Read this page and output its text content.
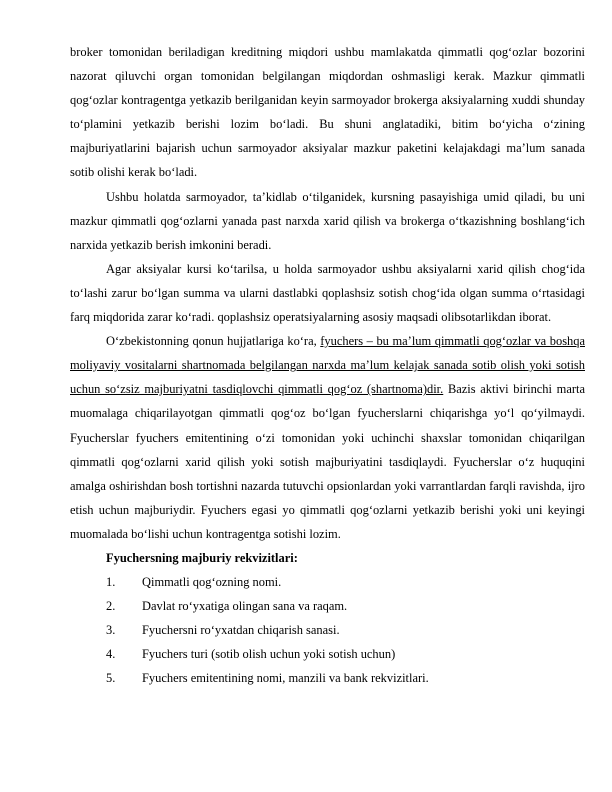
broker tomonidan beriladigan kreditning miqdori ushbu mamlakatda qimmatli qog‘ozlar bozorini nazorat qiluvchi organ tomonidan belgilangan miqdordan oshmasligi kerak. Mazkur qimmatli qog‘ozlar kontragentga yetkazib berilganidan keyin sarmoyador brokerga aksiyalarning xuddi shunday to‘plamini yetkazib berishi lozim bo‘ladi. Bu shuni anglatadiki, bitim bo‘yicha o‘zining majburiyatlarini bajarish uchun sarmoyador aksiyalar mazkur paketini kelajakdagi ma’lum sanada sotib olishi kerak bo‘ladi.

Ushbu holatda sarmoyador, ta’kidlab o‘tilganidek, kursning pasayishiga umid qiladi, bu uni mazkur qimmatli qog‘ozlarni yanada past narxda xarid qilish va brokerga o‘tkazishning boshlang‘ich narxida yetkazib berish imkonini beradi.

Agar aksiyalar kursi ko‘tarilsa, u holda sarmoyador ushbu aksiyalarni xarid qilish chog‘ida to‘lashi zarur bo‘lgan summa va ularni dastlabki qoplashsiz sotish chog‘ida olgan summa o‘rtasidagi farq miqdorida zarar ko‘radi. qoplashsiz operatsiyalarning asosiy maqsadi olibsotarlikdan iborat.

O‘zbekistonning qonun hujjatlariga ko‘ra, fyuchers – bu ma’lum qimmatli qog‘ozlar va boshqa moliyaviy vositalarni shartnomada belgilangan narxda ma’lum kelajak sanada sotib olish yoki sotish uchun so‘zsiz majburiyatni tasdiqlovchi qimmatli qog‘oz (shartnoma)dir. Bazis aktivi birinchi marta muomalaga chiqarilayotgan qimmatli qog‘oz bo‘lgan fyucherslarni chiqarishga yo‘l qo‘yilmaydi. Fyucherslar fyuchers emitentining o‘zi tomonidan yoki uchinchi shaxslar tomonidan chiqarilgan qimmatli qog‘ozlarni xarid qilish yoki sotish majburiyatini tasdiqlaydi. Fyucherslar o‘z huquqini amalga oshirishdan bosh tortishni nazarda tutuvchi opsionlardan yoki varrantlardan farqli ravishda, ijro etish uchun majburiydir. Fyuchers egasi yo qimmatli qog‘ozlarni yetkazib berishi yoki uni keyingi muomalada bo‘lishi uchun kontragentga sotishi lozim.

Fyuchersning majburiy rekvizitlari:
1.	Qimmatli qog‘ozning nomi.
2.	Davlat ro‘yxatiga olingan sana va raqam.
3.	Fyuchersni ro‘yxatdan chiqarish sanasi.
4.	Fyuchers turi (sotib olish uchun yoki sotish uchun)
5.	Fyuchers emitentining nomi, manzili va bank rekvizitlari.
